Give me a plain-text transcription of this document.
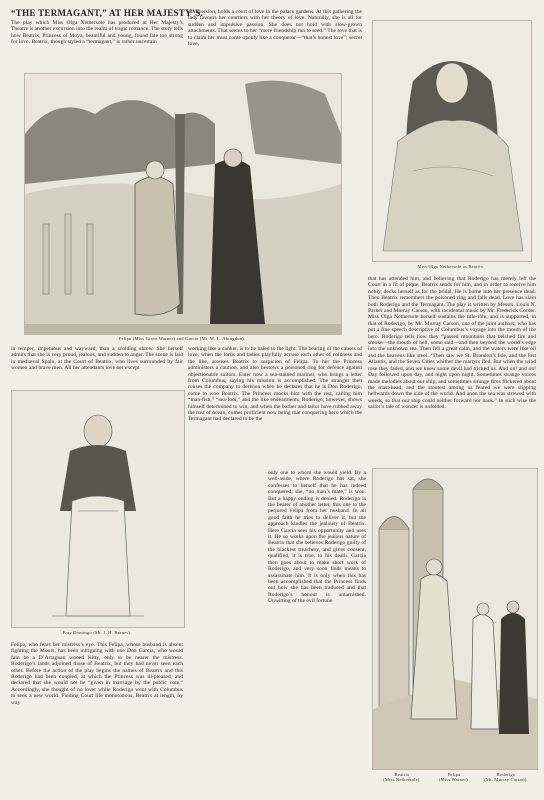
“THE TERMAGANT,” AT HER MAJESTY’S.
The play which Miss Olga Nethersole has produced at Her Majesty’s Theatre is another excursion into the realm of tragic romance. The story tells how Beatrix, Princess of Moya, beautiful and young, found fate too strong for love. Beatrix, though styled a “termagant,” is rather uncertain
of diversion, holds a court of love in the palace gardens. At this gathering the lady favours her courtiers with her theory of love. Naturally, she is all for sudden and impulsive passion. She does not hold with slow-grown attachments. That seems to her “mere friendship run to seed.” The love that is to claim her must come openly like a conqueror—“that’s honest love”; secret love,
Felipa (Miss Grace Warner) and Garcia (Mr. W. L. Abingdon).
Miss Olga Nethersole as Beatrix.
that has attended him, and believing that Roderigo has merely left the Court in a fit of pique, Beatrix sends for him, and in order to receive him nobly, decks herself as for the bridal. He is borne into her presence dead. Then Beatrix remembers the poisoned ring and falls dead. Love has slain both Roderigo and the Termagant. The play is written by Messrs. Louis N. Parker and Murray Carson, with incidental music by Mr. Frederick Corder. Miss Olga Nethersole herself sustains the title-rôle, and is supported, in that of Roderigo, by Mr. Murray Carson, one of the joint authors, who has put a fine speech descriptive of Columbus’s voyage into the mouth of the hero. Roderigo tells how they “passed mountains that belched fire and smoke—the mouth of hell, some said—and then beyond the world’s edge into the unknown sea. Then fell a great calm, and the waters were like oil and the heavens like steel. ‘Then saw we St. Brandon’s Isle, and the lost Atlantis, and the Seven Cities whither the martyrs fled. But when the wind rose they faded, and we knew some devil had tricked us. And on! and on! Day followed upon day, and night upon night. Sometimes strange voices made melodies about our ship, and sometimes strange fires flickered about the mast-head, and the stoutest among us feared we were slipping hellwards down the side of the world. And anon the sea was strewed with weeds, so that our ship could neither forward nor back.” In such wise the sailor’s tale of wonder is unfolded.
in temper, impetuous and wayward, than a scolding shrew. She herself admits that she is very proud, jealous, and sudden to anger. The scene is laid in mediæval Spain, at the Court of Beatrix, who lives surrounded by fair women and brave men. All her attendants love her except
working like a canker, is to be haled to the light. The hearing of the causes of love, when the lords and ladies playfully accuse each other of coldness and the like, arouses Beatrix to suspicion of Felipa. To her the Princess administers a caution, and also bestows a poisoned ring for defence against objectionable suitors. Enter now a sea-stained mariner, who brings a letter from Columbus, saying his mission is accomplished. The stranger then rouses the company to derision when he declares that he is Don Roderigo, come to woo Beatrix. The Princess mocks him with the rest, calling him “man-fish,” “sea-fool,” and the like endearments. Roderigo, however, shows himself determined to win, and when the barber and tailor have rubbed away the rust of ocean, comes proficient now being that conquering hero which the Termagant had declared to be the
Fray Domingo (Mr. J. H. Barnes).
only one to whom she would yield. By a well-aside, where Roderigo has sat, she confesses to herself that he has indeed conquered; she, “no man’s mate,” is won. But a happy ending is denied. Roderigo is the bearer of another letter, this one to the perjured Felipa from her husband. In all good faith he tries to deliver it, but the approach kindles the jealousy of Beatrix. Here Garcia sees his opportunity and uses it. He so works upon the jealous nature of Beatrix that she believes Roderigo guilty of the blackest treachery, and gives consent, qualified, it is true, to his death. Garcia then goes about to make short work of Roderigo, and very soon finds means to assassinate him. It is only when this has been accomplished that the Princess finds out how she has been traduced and that Roderigo’s honour is untarnished. Unwitting of the evil fortune
Beatrix
(Miss Nethersole).
Felipa
(Miss Warner).
Roderigo
(Mr. Murray Carson).
Felipa, who fears her mistress’s eye. This Felipa, whose husband is absent fighting the Moors, has been intriguing with one Don Garcia, who would fain be a D’Artagnan wooed Kitty, only to be nearer the mistress. Roderigo’s lands adjoined those of Beatrix, but they had never seen each other. Before the action of the play begins the names of Beatrix and this Roderigo had been coupled, at which the Princess was ill-pleased, and declared that she would not be “given in marriage by the public vote.” Accordingly, she thought of no lover while Roderigo went with Columbus to seek a new world. Finding Court life monotonous, Beatrix at length, by way
